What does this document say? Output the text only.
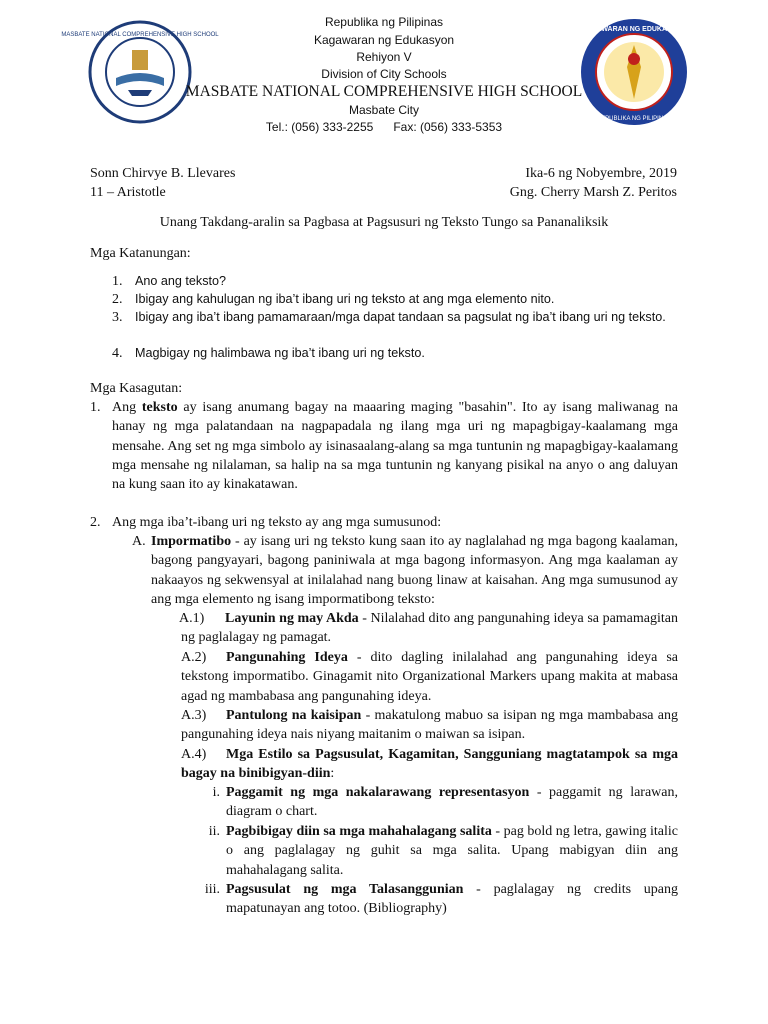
MASBATE NATIONAL COMPREHENSIVE HIGH SCHOOL
KAGAWARAN NG EDUKASYON
REPUBLIKA NG PILIPINAS
Republika ng Pilipinas
Kagawaran ng Edukasyon
Rehiyon V
Division of City Schools
MASBATE NATIONAL COMPREHENSIVE HIGH SCHOOL
Masbate City
Tel.: (056) 333-2255      Fax: (056) 333-5353
Sonn Chirvye B. Llevares
11 – Aristotle
Ika-6 ng Nobyembre, 2019
Gng. Cherry Marsh Z. Peritos
Unang Takdang-aralin sa Pagbasa at Pagsusuri ng Teksto Tungo sa Pananaliksik
Mga Katanungan:
1. Ano ang teksto?
2. Ibigay ang kahulugan ng iba’t ibang uri ng teksto at ang mga elemento nito.
3. Ibigay ang iba’t ibang pamamaraan/mga dapat tandaan sa pagsulat ng iba’t ibang uri ng teksto.
4. Magbigay ng halimbawa ng iba’t ibang uri ng teksto.
Mga Kasagutan:
1. Ang teksto ay isang anumang bagay na maaaring maging "basahin". Ito ay isang maliwanag na hanay ng mga palatandaan na nagpapadala ng ilang mga uri ng mapagbigay-kaalamang mga mensahe. Ang set ng mga simbolo ay isinasaalang-alang sa mga tuntunin ng mapagbigay-kaalamang mga mensahe ng nilalaman, sa halip na sa mga tuntunin ng kanyang pisikal na anyo o ang daluyan na kung saan ito ay kinakatawan.
2. Ang mga iba’t-ibang uri ng teksto ay ang mga sumusunod:
A. Impormatibo - ay isang uri ng teksto kung saan ito ay naglalahad ng mga bagong kaalaman, bagong pangyayari, bagong paniniwala at mga bagong informasyon. Ang mga kaalaman ay nakaayos ng sekwensyal at inilalahad nang buong linaw at kaisahan. Ang mga sumusunod ay ang mga elemento ng isang impormatibong teksto:
A.1) Layunin ng may Akda - Nilalahad dito ang pangunahing ideya sa pamamagitan ng paglalagay ng pamagat.
A.2) Pangunahing Ideya - dito dagling inilalahad ang pangunahing ideya sa tekstong impormatibo. Ginagamit nito Organizational Markers upang makita at mabasa agad ng mambabasa ang pangunahing ideya.
A.3) Pantulong na kaisipan - makatulong mabuo sa isipan ng mga mambabasa ang pangunahing ideya nais niyang maitanim o maiwan sa isipan.
A.4) Mga Estilo sa Pagsusulat, Kagamitan, Sangguniang magtatampok sa mga bagay na binibigyan-diin:
i. Paggamit ng mga nakalarawang representasyon - paggamit ng larawan, diagram o chart.
ii. Pagbibigay diin sa mga mahahalagang salita - pag bold ng letra, gawing italic o ang paglalagay ng guhit sa mga salita. Upang mabigyan diin ang mahahalagang salita.
iii. Pagsusulat ng mga Talasanggunian - paglalagay ng credits upang mapatunayan ang totoo. (Bibliography)
